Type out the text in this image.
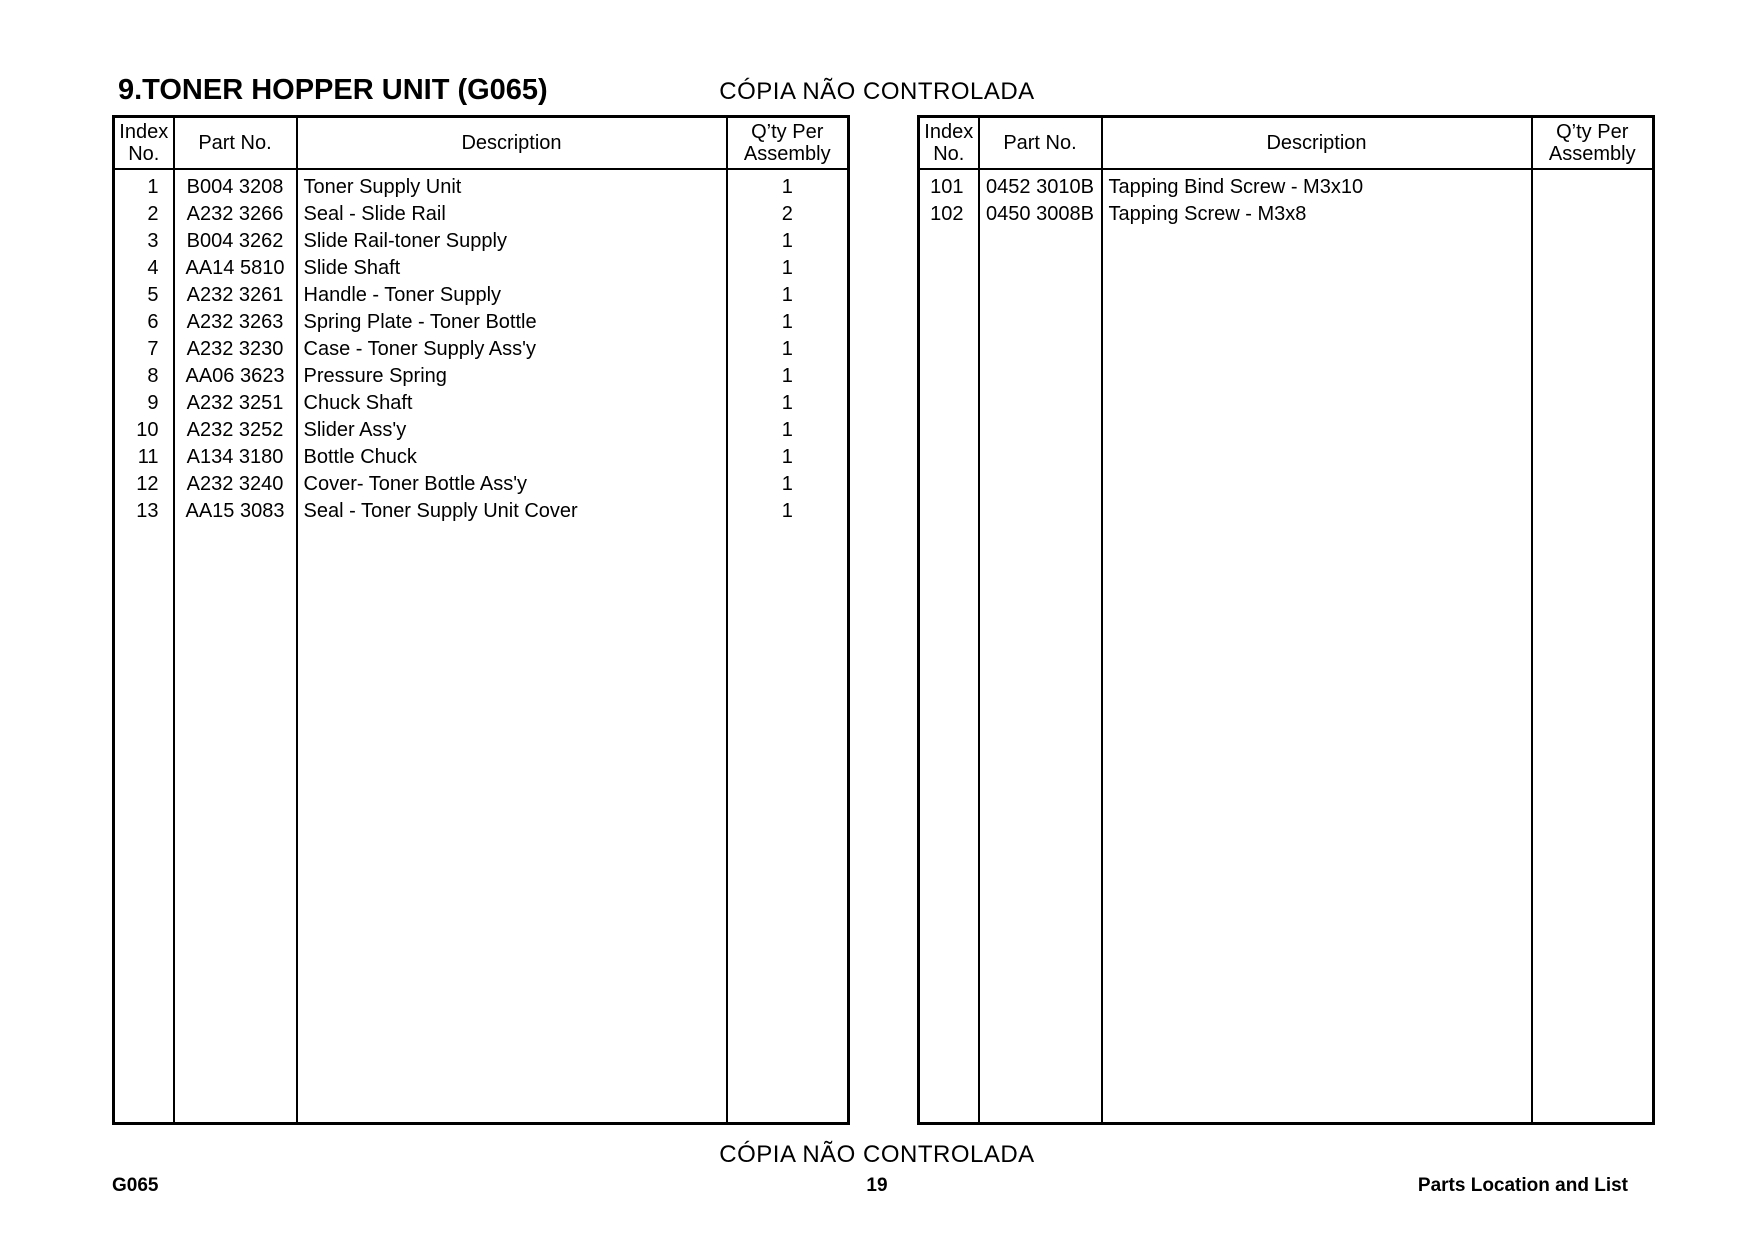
9.TONER HOPPER UNIT (G065)	CÓPIA NÃO CONTROLADA
Index
No.	Part No.	Description	Q’ty Per
Assembly
1	B004 3208	Toner Supply Unit	1
2	A232 3266	Seal - Slide Rail	2
3	B004 3262	Slide Rail-toner Supply	1
4	AA14 5810	Slide Shaft	1
5	A232 3261	Handle - Toner Supply	1
6	A232 3263	Spring Plate - Toner Bottle	1
7	A232 3230	Case - Toner Supply Ass'y	1
8	AA06 3623	Pressure Spring	1
9	A232 3251	Chuck Shaft	1
10	A232 3252	Slider Ass'y	1
11	A134 3180	Bottle Chuck	1
12	A232 3240	Cover- Toner Bottle Ass'y	1
13	AA15 3083	Seal - Toner Supply Unit Cover	1

Index
No.	Part No.	Description	Q’ty Per
Assembly
101	0452 3010B	Tapping Bind Screw - M3x10	
102	0450 3008B	Tapping Screw - M3x8	

CÓPIA NÃO CONTROLADA
G065	19	Parts Location and List
